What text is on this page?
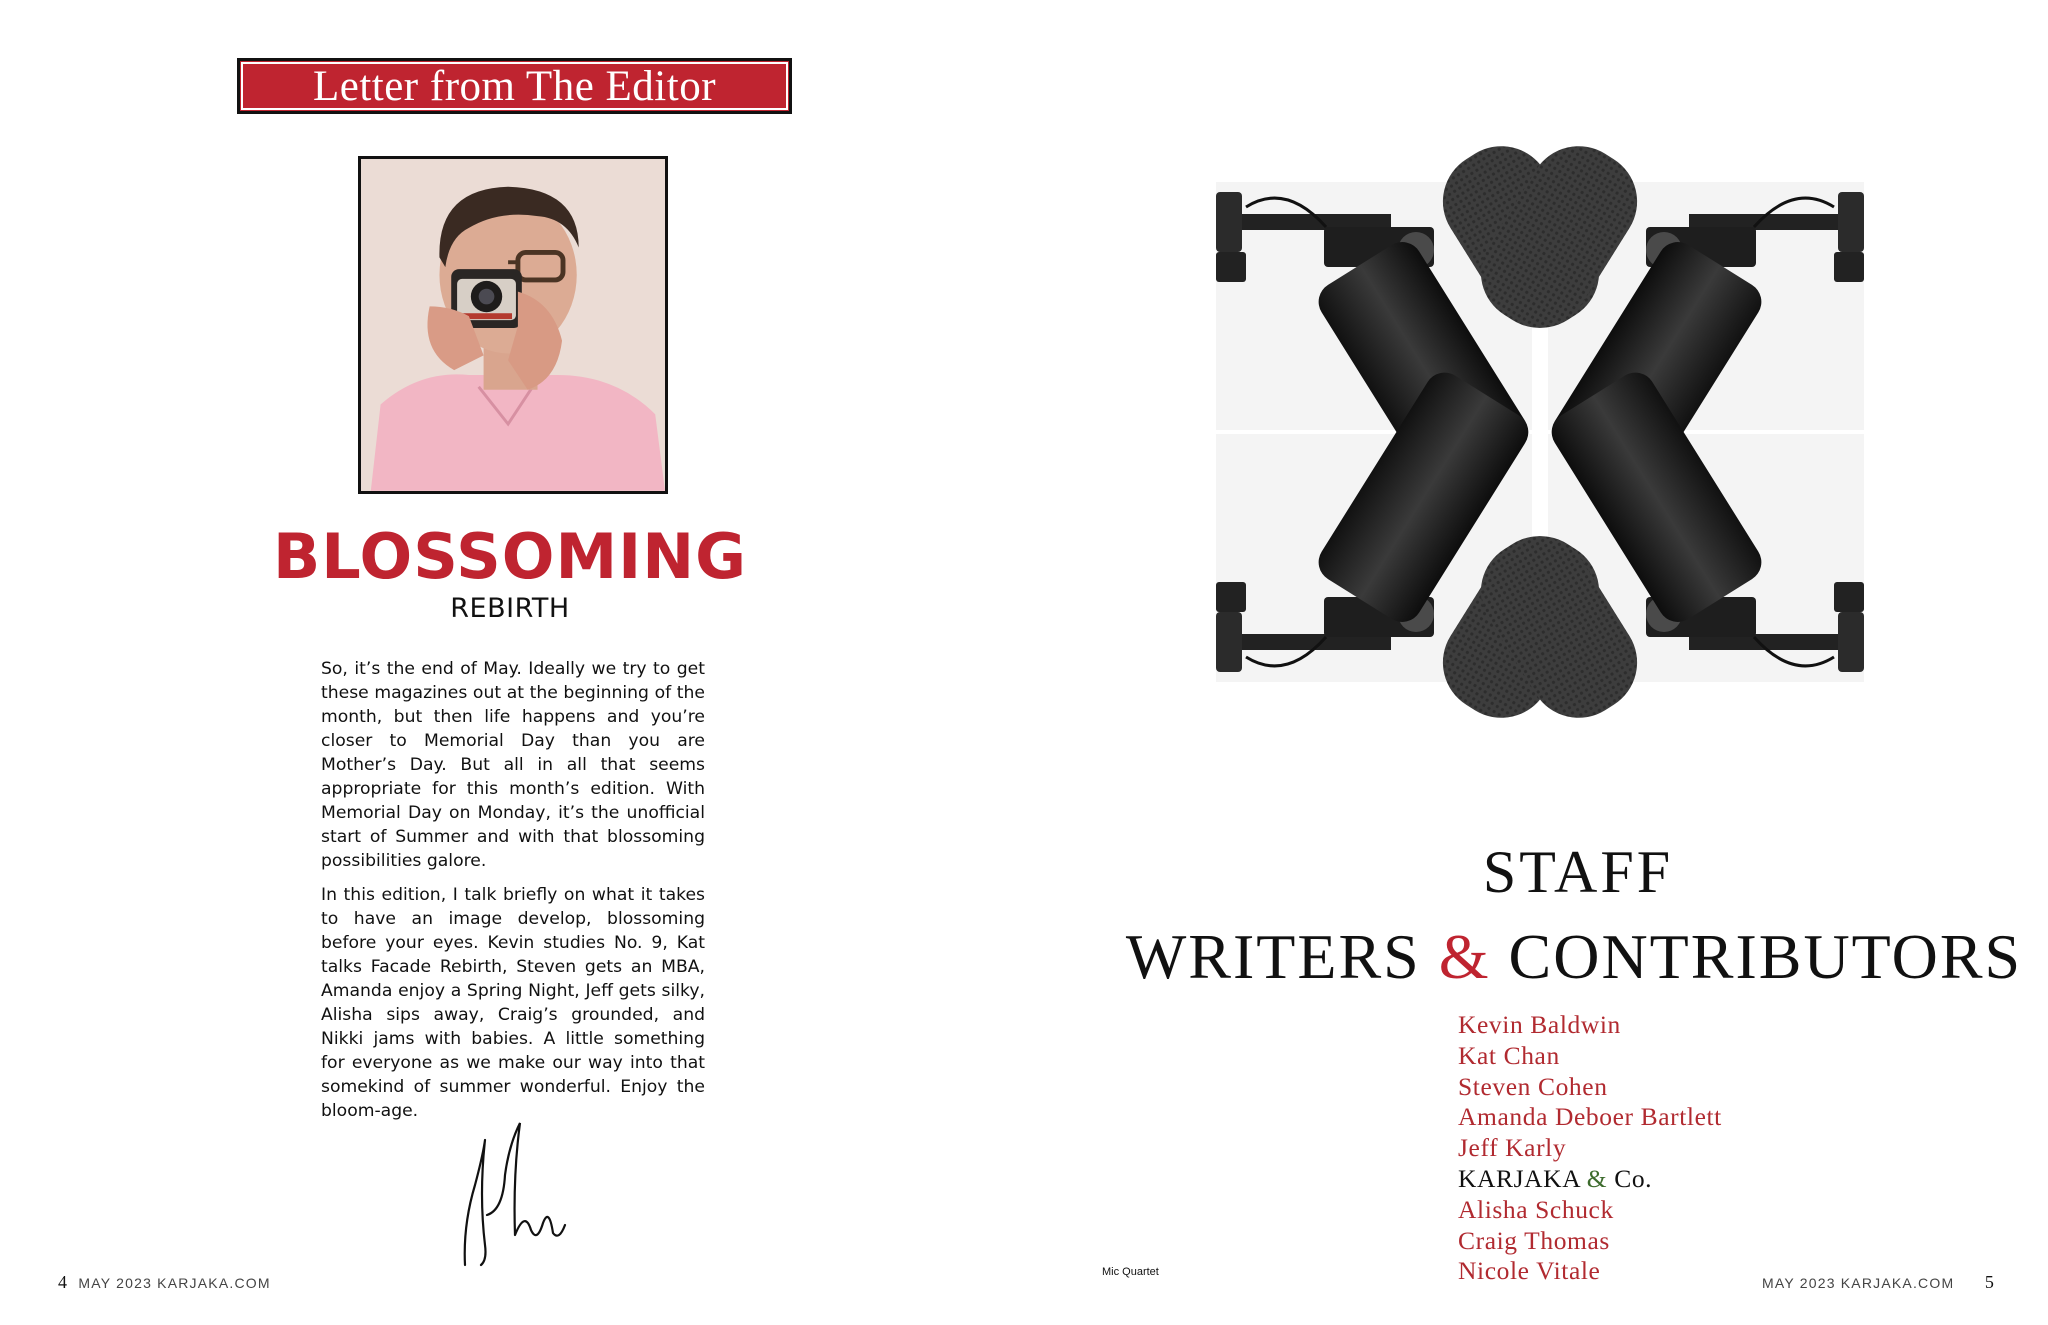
Letter from The Editor
BLOSSOMING
REBIRTH

So, it’s the end of May. Ideally we try to get these magazines out at the beginning of the month, but then life happens and you’re closer to Memorial Day than you are Mother’s Day. But all in all that seems appropriate for this month’s edition. With Memorial Day on Monday, it’s the unofficial start of Summer and with that blossoming possibilities galore.

In this edition, I talk briefly on what it takes to have an image develop, blossoming before your eyes. Kevin studies No. 9, Kat talks Facade Rebirth, Steven gets an MBA, Amanda enjoy a Spring Night, Jeff gets silky, Alisha sips away, Craig’s grounded, and Nikki jams with babies. A little something for everyone as we make our way into that somekind of summer wonderful. Enjoy the bloom-age.

4 MAY 2023 KARJAKA.COM
Mic Quartet
STAFF
WRITERS & CONTRIBUTORS
Kevin Baldwin
Kat Chan
Steven Cohen
Amanda Deboer Bartlett
Jeff Karly
KARJAKA & Co.
Alisha Schuck
Craig Thomas
Nicole Vitale	MAY 2023 KARJAKA.COM 5
